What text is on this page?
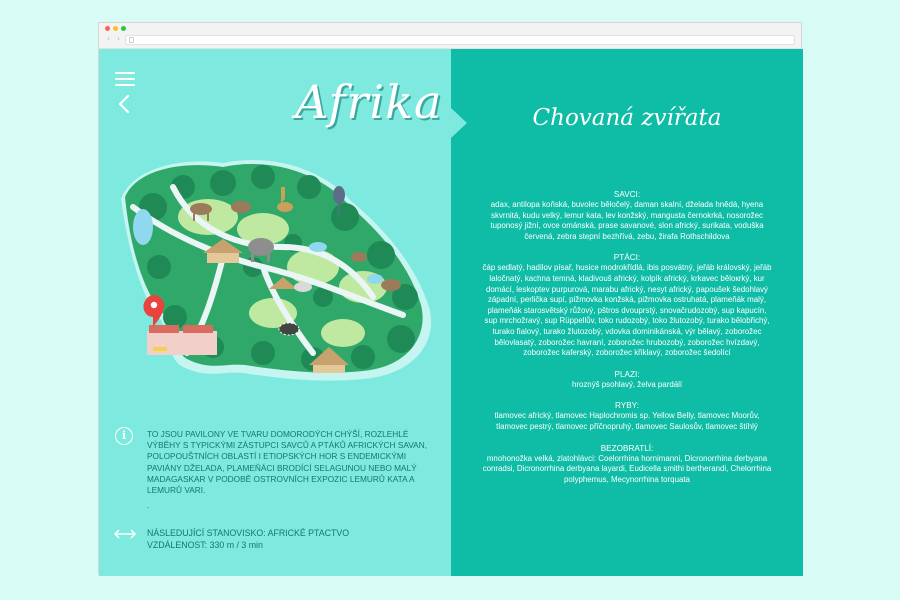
‹ ›
Afrika
i	TO JSOU PAVILONY VE TVARU DOMORODÝCH CHÝŠÍ, ROZLEHLÉ VÝBĚHY S TYPICKÝMI ZÁSTUPCI SAVCŮ A PTÁKŮ AFRICKÝCH SAVAN, POLOPOUŠTNÍCH OBLASTÍ I ETIOPSKÝCH HOR S ENDEMICKÝMI PAVIÁNY DŽELADA, PLAMEŇÁCI BRODÍCÍ SELAGUNOU NEBO MALÝ MADAGASKAR V PODOBĚ OSTROVNÍCH EXPOZIC LEMURŮ KATA A LEMURŮ VARI.
.
NÁSLEDUJÍCÍ STANOVISKO: AFRICKÉ PTACTVO
VZDÁLENOST: 330 m / 3 min
Chovaná zvířata
SAVCI:
adax, antilopa koňská, buvolec běločelý, daman skalní, dželada hnědá, hyena skvrnitá, kudu velký, lemur kata, lev konžský, mangusta černokrká, nosorožec tuponosý jižní, ovce ománská, prase savanové, slon africký, surikata, voduška červená, zebra stepní bezhřívá, zebu, žirafa Rothschildova
PTÁCI:
čáp sedlatý, hadilov písař, husice modrokřídlá, ibis posvátný, jeřáb královský, jeřáb laločnatý, kachna temná, kladivouš africký, kolpík africký, krkavec běloкrký, kur domácí, leskoptev purpurová, marabu africký, nesyt africký, papoušek šedohlavý západní, perlička supí, pižmovka konžská, pižmovka ostruhatá, plameňák malý, plameňák starosvětský růžový, pštros dvouprstý, snovačrudozobý, sup kapucín, sup mrchožravý, sup Rüppellův, toko rudozobý, toko žlutozobý, turako bělobřichý, turako fialový, turako žlutozobý, vdovka dominikánská, výr bělavý, zoborožec bělovlasatý, zoborožec havraní, zoborožec hrubozobý, zoborožec hvízdavý, zoborožec kaferský, zoborožec křiklavý, zoborožec šedolící
PLAZI:
hroznýš psohlavý, želva pardálí
RYBY:
tlamovec africký, tlamovec Haplochromis sp. Yellow Belly, tlamovec Moorův, tlamovec pestrý, tlamovec příčnopruhý, tlamovec Saulosův, tlamovec štíhlý
BEZOBRATLÍ:
mnohonožka velká, zlatohlávci: Coelorrhina hornimanni, Dicronorrhina derbyana conradsi, Dicronorrhina derbyana layardi, Eudicella smithi bertherandi, Chelorrhina polyphemus, Mecynorrhina torquata
